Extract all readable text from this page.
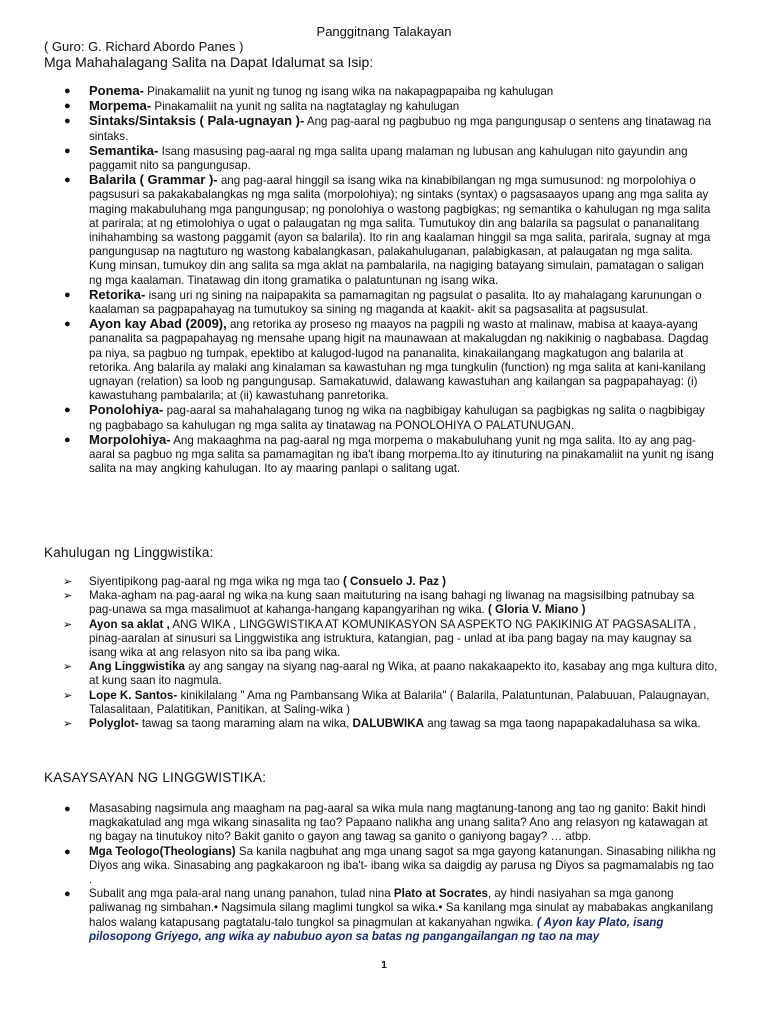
Panggitnang Talakayan
( Guro: G. Richard Abordo Panes )
Mga Mahahalagang Salita na Dapat Idalumat sa Isip:
● Ponema- Pinakamaliit na yunit ng tunog ng isang wika na nakapagpapaiba ng kahulugan
● Morpema- Pinakamaliit na yunit ng salita na nagtataglay ng kahulugan
● Sintaks/Sintaksis ( Pala-ugnayan )- Ang pag-aaral ng pagbubuo ng mga pangungusap o sentens ang tinatawag na sintaks.
● Semantika- Isang masusing pag-aaral ng mga salita upang malaman ng lubusan ang kahulugan nito gayundin ang paggamit nito sa pangungusap.
● Balarila ( Grammar )- ang pag-aaral hinggil sa isang wika na kinabibilangan ng mga sumusunod: ng morpolohiya o pagsusuri sa pakakabalangkas ng mga salita (morpolohiya); ng sintaks (syntax) o pagsasaayos upang ang mga salita ay maging makabuluhang mga pangungusap; ng ponolohiya o wastong pagbigkas; ng semantika o kahulugan ng mga salita at parirala; at ng etimolohiya o ugat o palaugatan ng mga salita. Tumutukoy din ang balarila sa pagsulat o pananalitang inihahambing sa wastong paggamit (ayon sa balarila). Ito rin ang kaalaman hinggil sa mga salita, parirala, sugnay at mga pangungusap na nagtuturo ng wastong kabalangkasan, palakahuluganan, palabigkasan, at palaugatan ng mga salita. Kung minsan, tumukoy din ang salita sa mga aklat na pambalarila, na nagiging batayang simulain, pamatagan o saligan ng mga kaalaman. Tinatawag din itong gramatika o palatuntunan ng isang wika.
● Retorika- isang uri ng sining na naipapakita sa pamamagitan ng pagsulat o pasalita. Ito ay mahalagang karunungan o kaalaman sa pagpapahayag na tumutukoy sa sining ng maganda at kaakit- akit sa pagsasalita at pagsusulat.
● Ayon kay Abad (2009), ang retorika ay proseso ng maayos na pagpili ng wasto at malinaw, mabisa at kaaya-ayang pananalita sa pagpapahayag ng mensahe upang higit na maunawaan at makalugdan ng nakikinig o nagbabasa. Dagdag pa niya, sa pagbuo ng tumpak, epektibo at kalugod-lugod na pananalita, kinakailangang magkatugon ang balarila at retorika. Ang balarila ay malaki ang kinalaman sa kawastuhan ng mga tungkulin (function) ng mga salita at kani-kanilang ugnayan (relation) sa loob ng pangungusap. Samakatuwid, dalawang kawastuhan ang kailangan sa pagpapahayag: (i) kawastuhang pambalarila; at (ii) kawastuhang panretorika.
● Ponolohiya- pag-aaral sa mahahalagang tunog ng wika na nagbibigay kahulugan sa pagbigkas ng salita o nagbibigay ng pagbabago sa kahulugan ng mga salita ay tinatawag na PONOLOHIYA O PALATUNUGAN.
● Morpolohiya- Ang makaaghma na pag-aaral ng mga morpema o makabuluhang yunit ng mga salita. Ito ay ang pag-aaral sa pagbuo ng mga salita sa pamamagitan ng iba't ibang morpema.Ito ay itinuturing na pinakamaliit na yunit ng isang salita na may angking kahulugan. Ito ay maaring panlapi o salitang ugat.
Kahulugan ng Linggwistika:
➢ Siyentipikong pag-aaral ng mga wika ng mga tao ( Consuelo J. Paz )
➢ Maka-agham na pag-aaral ng wika na kung saan maituturing na isang bahagi ng liwanag na magsisilbing patnubay sa pag-unawa sa mga masalimuot at kahanga-hangang kapangyarihan ng wika. ( Gloria V. Miano )
➢ Ayon sa aklat , ANG WIKA , LINGGWISTIKA AT KOMUNIKASYON SA ASPEKTO NG PAKIKINIG AT PAGSASALITA , pinag-aaralan at sinusuri sa Linggwistika ang istruktura, katangian, pag - unlad at iba pang bagay na may kaugnay sa isang wika at ang relasyon nito sa iba pang wika.
➢ Ang Linggwistika ay ang sangay na siyang nag-aaral ng Wika, at paano nakakaapekto ito, kasabay ang mga kultura dito, at kung saan ito nagmula.
➢ Lope K. Santos- kinikilalang " Ama ng Pambansang Wika at Balarila" ( Balarila, Palatuntunan, Palabuuan, Palaugnayan, Talasalitaan, Palatitikan, Panitikan, at Saling-wika )
➢ Polyglot- tawag sa taong maraming alam na wika, DALUBWIKA ang tawag sa mga taong napapakadaluhasa sa wika.
KASAYSAYAN NG LINGGWISTIKA:
● Masasabing nagsimula ang maagham na pag-aaral sa wika mula nang magtanung-tanong ang tao ng ganito: Bakit hindi magkakatulad ang mga wikang sinasalita ng tao? Papaano nalikha ang unang salita? Ano ang relasyon ng katawagan at ng bagay na tinutukoy nito? Bakit ganito o gayon ang tawag sa ganito o ganiyong bagay? … atbp.
● Mga Teologo(Theologians) Sa kanila nagbuhat ang mga unang sagot sa mga gayong katanungan. Sinasabing nilikha ng Diyos ang wika. Sinasabing ang pagkakaroon ng iba't- ibang wika sa daigdig ay parusa ng Diyos sa pagmamalabis ng tao .
● Subalit ang mga pala-aral nang unang panahon, tulad nina Plato at Socrates, ay hindi nasiyahan sa mga ganong paliwanag ng simbahan.• Nagsimula silang maglimi tungkol sa wika.• Sa kanilang mga sinulat ay mababakas angkanilang halos walang katapusang pagtatalu-talo tungkol sa pinagmulan at kakanyahan ngwika. ( Ayon kay Plato, isang pilosopong Griyego, ang wika ay nabubuo ayon sa batas ng pangangailangan ng tao na may
1
